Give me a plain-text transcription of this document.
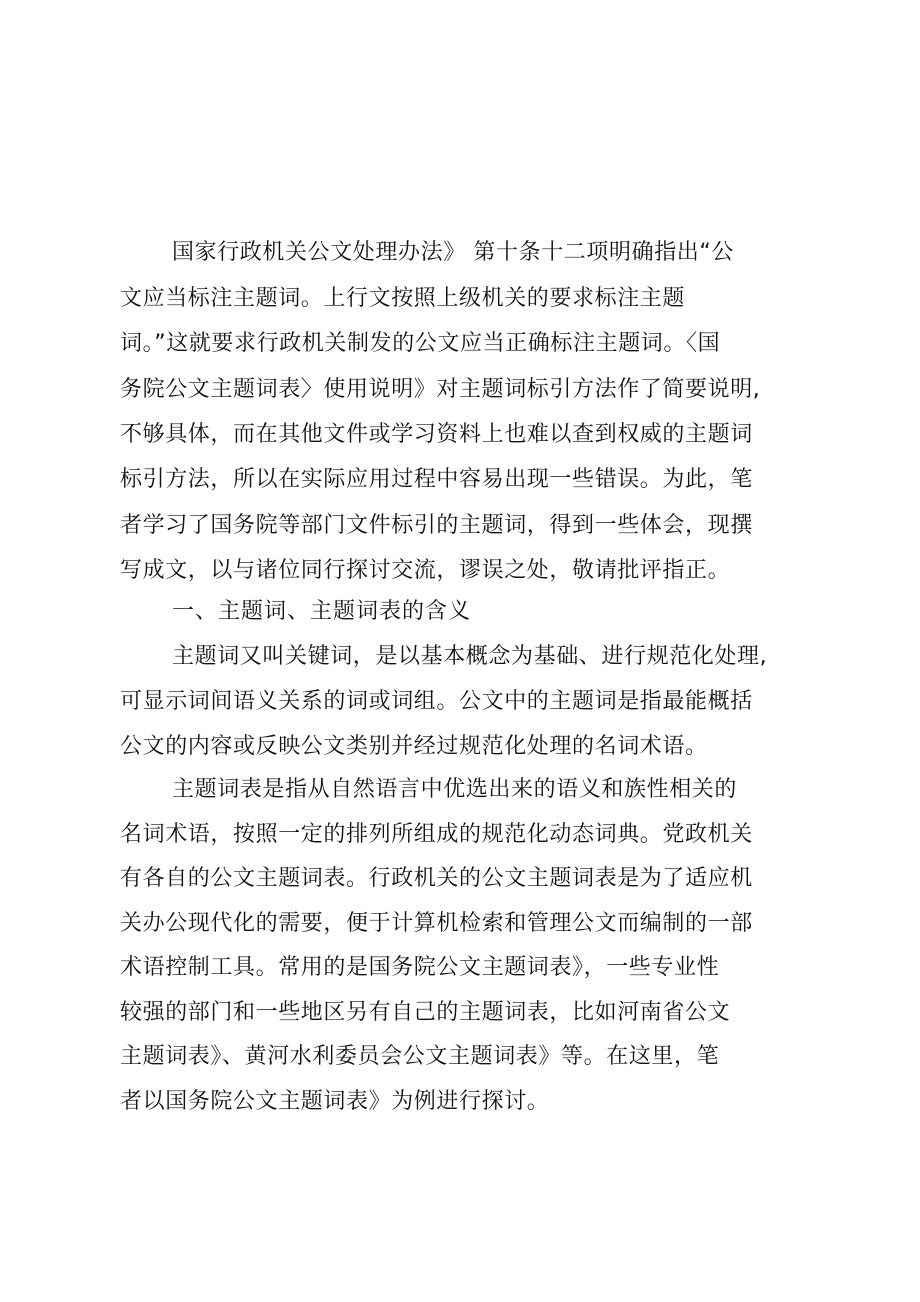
国家行政机关公文处理办法》 第十条十二项明确指出“公
文应当标注主题词。上行文按照上级机关的要求标注主题
词。”这就要求行政机关制发的公文应当正确标注主题词。〈国
务院公文主题词表〉使用说明》对主题词标引方法作了简要说明,
不够具体，而在其他文件或学习资料上也难以查到权威的主题词
标引方法，所以在实际应用过程中容易出现一些错误。为此，笔
者学习了国务院等部门文件标引的主题词，得到一些体会，现撰
写成文，以与诸位同行探讨交流，谬误之处，敬请批评指正。
一、主题词、主题词表的含义
主题词又叫关键词，是以基本概念为基础、进行规范化处理,
可显示词间语义关系的词或词组。公文中的主题词是指最能概括
公文的内容或反映公文类别并经过规范化处理的名词术语。
主题词表是指从自然语言中优选出来的语义和族性相关的
名词术语，按照一定的排列所组成的规范化动态词典。党政机关
有各自的公文主题词表。行政机关的公文主题词表是为了适应机
关办公现代化的需要，便于计算机检索和管理公文而编制的一部
术语控制工具。常用的是国务院公文主题词表》，一些专业性
较强的部门和一些地区另有自己的主题词表，比如河南省公文
主题词表》、黄河水利委员会公文主题词表》等。在这里，笔
者以国务院公文主题词表》为例进行探讨。
